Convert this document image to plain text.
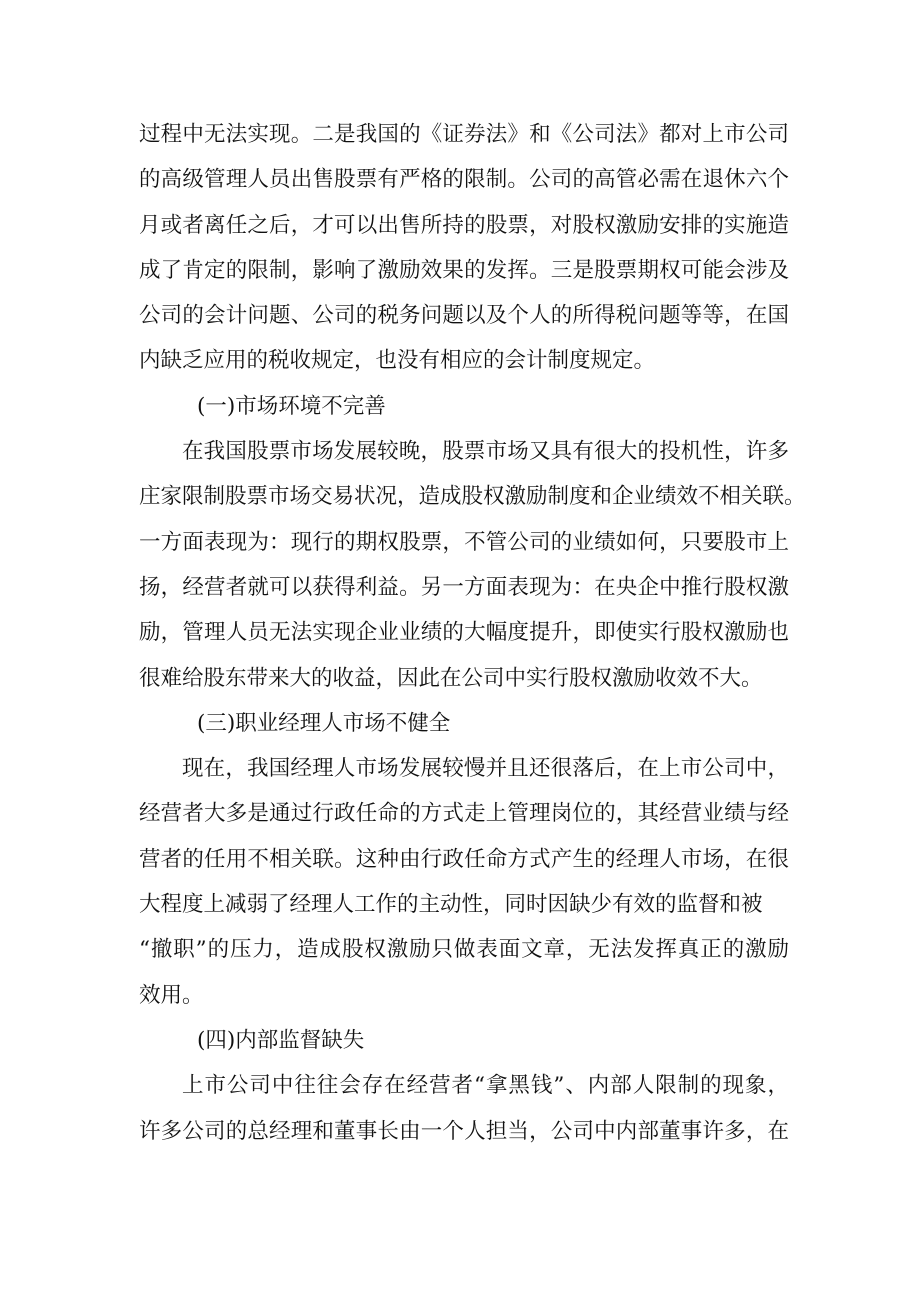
过程中无法实现。二是我国的《证券法》和《公司法》都对上市公司
的高级管理人员出售股票有严格的限制。公司的高管必需在退休六个
月或者离任之后，才可以出售所持的股票，对股权激励安排的实施造
成了肯定的限制，影响了激励效果的发挥。三是股票期权可能会涉及
公司的会计问题、公司的税务问题以及个人的所得税问题等等，在国
内缺乏应用的税收规定，也没有相应的会计制度规定。
(一)市场环境不完善
在我国股票市场发展较晚，股票市场又具有很大的投机性，许多
庄家限制股票市场交易状况，造成股权激励制度和企业绩效不相关联。
一方面表现为：现行的期权股票，不管公司的业绩如何，只要股市上
扬，经营者就可以获得利益。另一方面表现为：在央企中推行股权激
励，管理人员无法实现企业业绩的大幅度提升，即使实行股权激励也
很难给股东带来大的收益，因此在公司中实行股权激励收效不大。
(三)职业经理人市场不健全
现在，我国经理人市场发展较慢并且还很落后，在上市公司中，
经营者大多是通过行政任命的方式走上管理岗位的，其经营业绩与经
营者的任用不相关联。这种由行政任命方式产生的经理人市场，在很
大程度上减弱了经理人工作的主动性，同时因缺少有效的监督和被
“撤职”的压力，造成股权激励只做表面文章，无法发挥真正的激励
效用。
(四)内部监督缺失
上市公司中往往会存在经营者“拿黑钱”、内部人限制的现象，
许多公司的总经理和董事长由一个人担当，公司中内部董事许多，在
